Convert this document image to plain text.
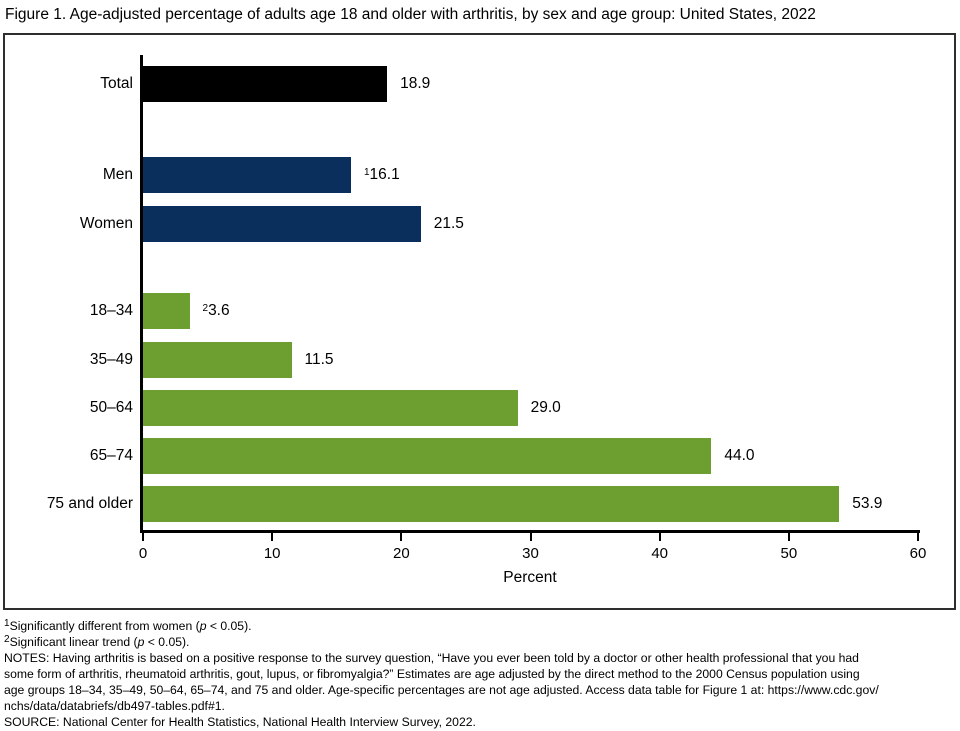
Figure 1. Age-adjusted percentage of adults age 18 and older with arthritis, by sex and age group: United States, 2022
Percent
Total	18.9
Men	$^1$16.1
Women	21.5
18–34	$^2$3.6
35–49	11.5
50–64	29.0
65–74	44.0
75 and older	53.9
0	10	20	30	40	50	60
$^1$Significantly different from women (p < 0.05).
$^2$Significant linear trend (p < 0.05).
NOTES: Having arthritis is based on a positive response to the survey question, “Have you ever been told by a doctor or other health professional that you had
some form of arthritis, rheumatoid arthritis, gout, lupus, or fibromyalgia?” Estimates are age adjusted by the direct method to the 2000 Census population using
age groups 18–34, 35–49, 50–64, 65–74, and 75 and older. Age-specific percentages are not age adjusted. Access data table for Figure 1 at: https://www.cdc.gov/
nchs/data/databriefs/db497-tables.pdf#1.
SOURCE: National Center for Health Statistics, National Health Interview Survey, 2022.
